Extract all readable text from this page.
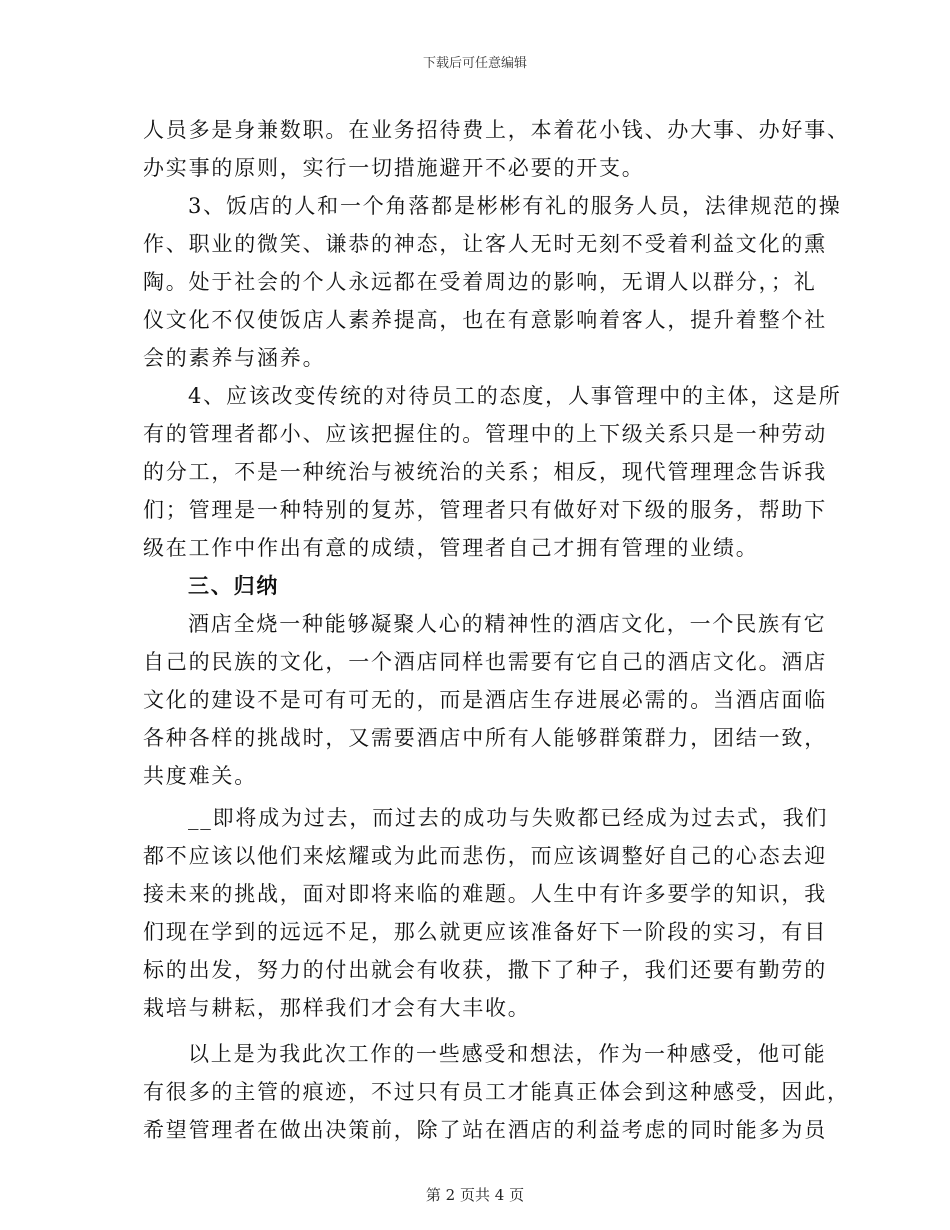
下载后可任意编辑
人员多是身兼数职。在业务招待费上，本着花小钱、办大事、办好事、
办实事的原则，实行一切措施避开不必要的开支。
3、饭店的人和一个角落都是彬彬有礼的服务人员，法律规范的操
作、职业的微笑、谦恭的神态，让客人无时无刻不受着利益文化的熏
陶。处于社会的个人永远都在受着周边的影响，无谓人以群分，；礼
仪文化不仅使饭店人素养提高，也在有意影响着客人，提升着整个社
会的素养与涵养。
4、应该改变传统的对待员工的态度，人事管理中的主体，这是所
有的管理者都小、应该把握住的。管理中的上下级关系只是一种劳动
的分工，不是一种统治与被统治的关系；相反，现代管理理念告诉我
们；管理是一种特别的复苏，管理者只有做好对下级的服务，帮助下
级在工作中作出有意的成绩，管理者自己才拥有管理的业绩。
三、归纳
酒店全烧一种能够凝聚人心的精神性的酒店文化，一个民族有它
自己的民族的文化，一个酒店同样也需要有它自己的酒店文化。酒店
文化的建设不是可有可无的，而是酒店生存进展必需的。当酒店面临
各种各样的挑战时，又需要酒店中所有人能够群策群力，团结一致，
共度难关。
__即将成为过去，而过去的成功与失败都已经成为过去式，我们
都不应该以他们来炫耀或为此而悲伤，而应该调整好自己的心态去迎
接未来的挑战，面对即将来临的难题。人生中有许多要学的知识，我
们现在学到的远远不足，那么就更应该准备好下一阶段的实习，有目
标的出发，努力的付出就会有收获，撒下了种子，我们还要有勤劳的
栽培与耕耘，那样我们才会有大丰收。
以上是为我此次工作的一些感受和想法，作为一种感受，他可能
有很多的主管的痕迹，不过只有员工才能真正体会到这种感受，因此，
希望管理者在做出决策前，除了站在酒店的利益考虑的同时能多为员
第 2 页共 4 页
